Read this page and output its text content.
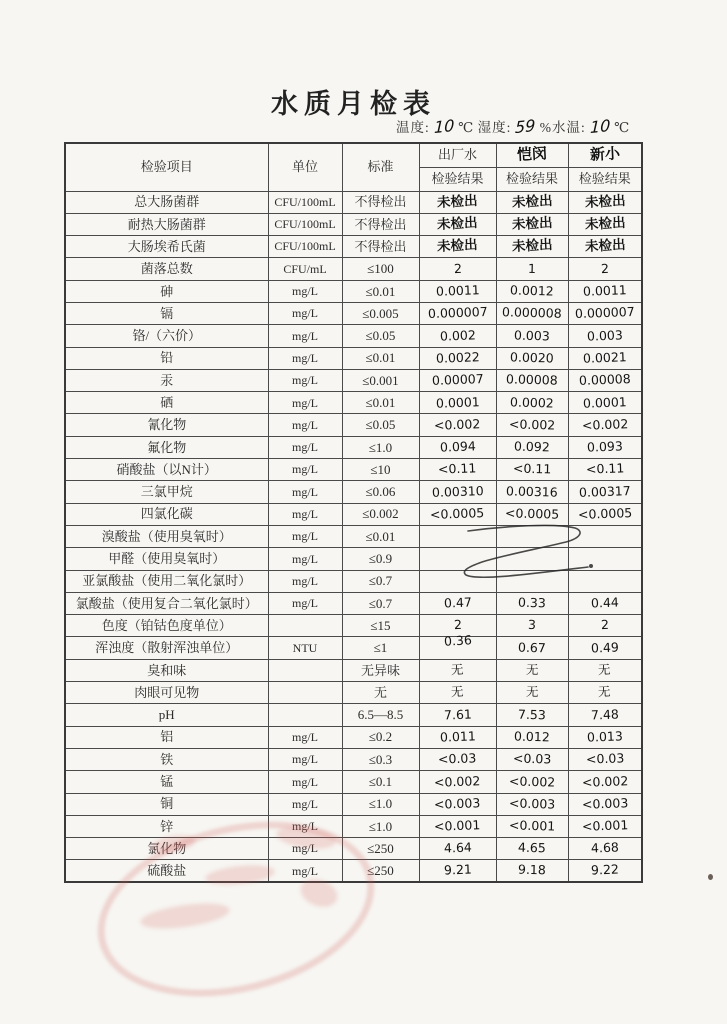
水质月检表
温度: 10 ℃ 湿度: 59 %水温: 10 ℃
检验项目	单位	标准	出厂水	恺闵	新小
			检验结果	检验结果	检验结果
总大肠菌群	CFU/100mL	不得检出	未检出	未检出	未检出
耐热大肠菌群	CFU/100mL	不得检出	未检出	未检出	未检出
大肠埃希氏菌	CFU/100mL	不得检出	未检出	未检出	未检出
菌落总数	CFU/mL	≤100	2	1	2
砷	mg/L	≤0.01	0.0011	0.0012	0.0011
镉	mg/L	≤0.005	0.000007	0.000008	0.000007
铬/（六价）	mg/L	≤0.05	0.002	0.003	0.003
铅	mg/L	≤0.01	0.0022	0.0020	0.0021
汞	mg/L	≤0.001	0.00007	0.00008	0.00008
硒	mg/L	≤0.01	0.0001	0.0002	0.0001
氰化物	mg/L	≤0.05	<0.002	<0.002	<0.002
氟化物	mg/L	≤1.0	0.094	0.092	0.093
硝酸盐（以N计）	mg/L	≤10	<0.11	<0.11	<0.11
三氯甲烷	mg/L	≤0.06	0.00310	0.00316	0.00317
四氯化碳	mg/L	≤0.002	<0.0005	<0.0005	<0.0005
溴酸盐（使用臭氧时）	mg/L	≤0.01			
甲醛（使用臭氧时）	mg/L	≤0.9			
亚氯酸盐（使用二氧化氯时）	mg/L	≤0.7			
氯酸盐（使用复合二氧化氯时）	mg/L	≤0.7	0.47	0.33	0.44
色度（铂钴色度单位）		≤15	2	3	2
浑浊度（散射浑浊单位）	NTU	≤1	0.36	0.67	0.49
臭和味		无异味	无	无	无
肉眼可见物		无	无	无	无
pH		6.5—8.5	7.61	7.53	7.48
铝	mg/L	≤0.2	0.011	0.012	0.013
铁	mg/L	≤0.3	<0.03	<0.03	<0.03
锰	mg/L	≤0.1	<0.002	<0.002	<0.002
铜	mg/L	≤1.0	<0.003	<0.003	<0.003
锌	mg/L	≤1.0	<0.001	<0.001	<0.001
氯化物	mg/L	≤250	4.64	4.65	4.68
硫酸盐	mg/L	≤250	9.21	9.18	9.22
